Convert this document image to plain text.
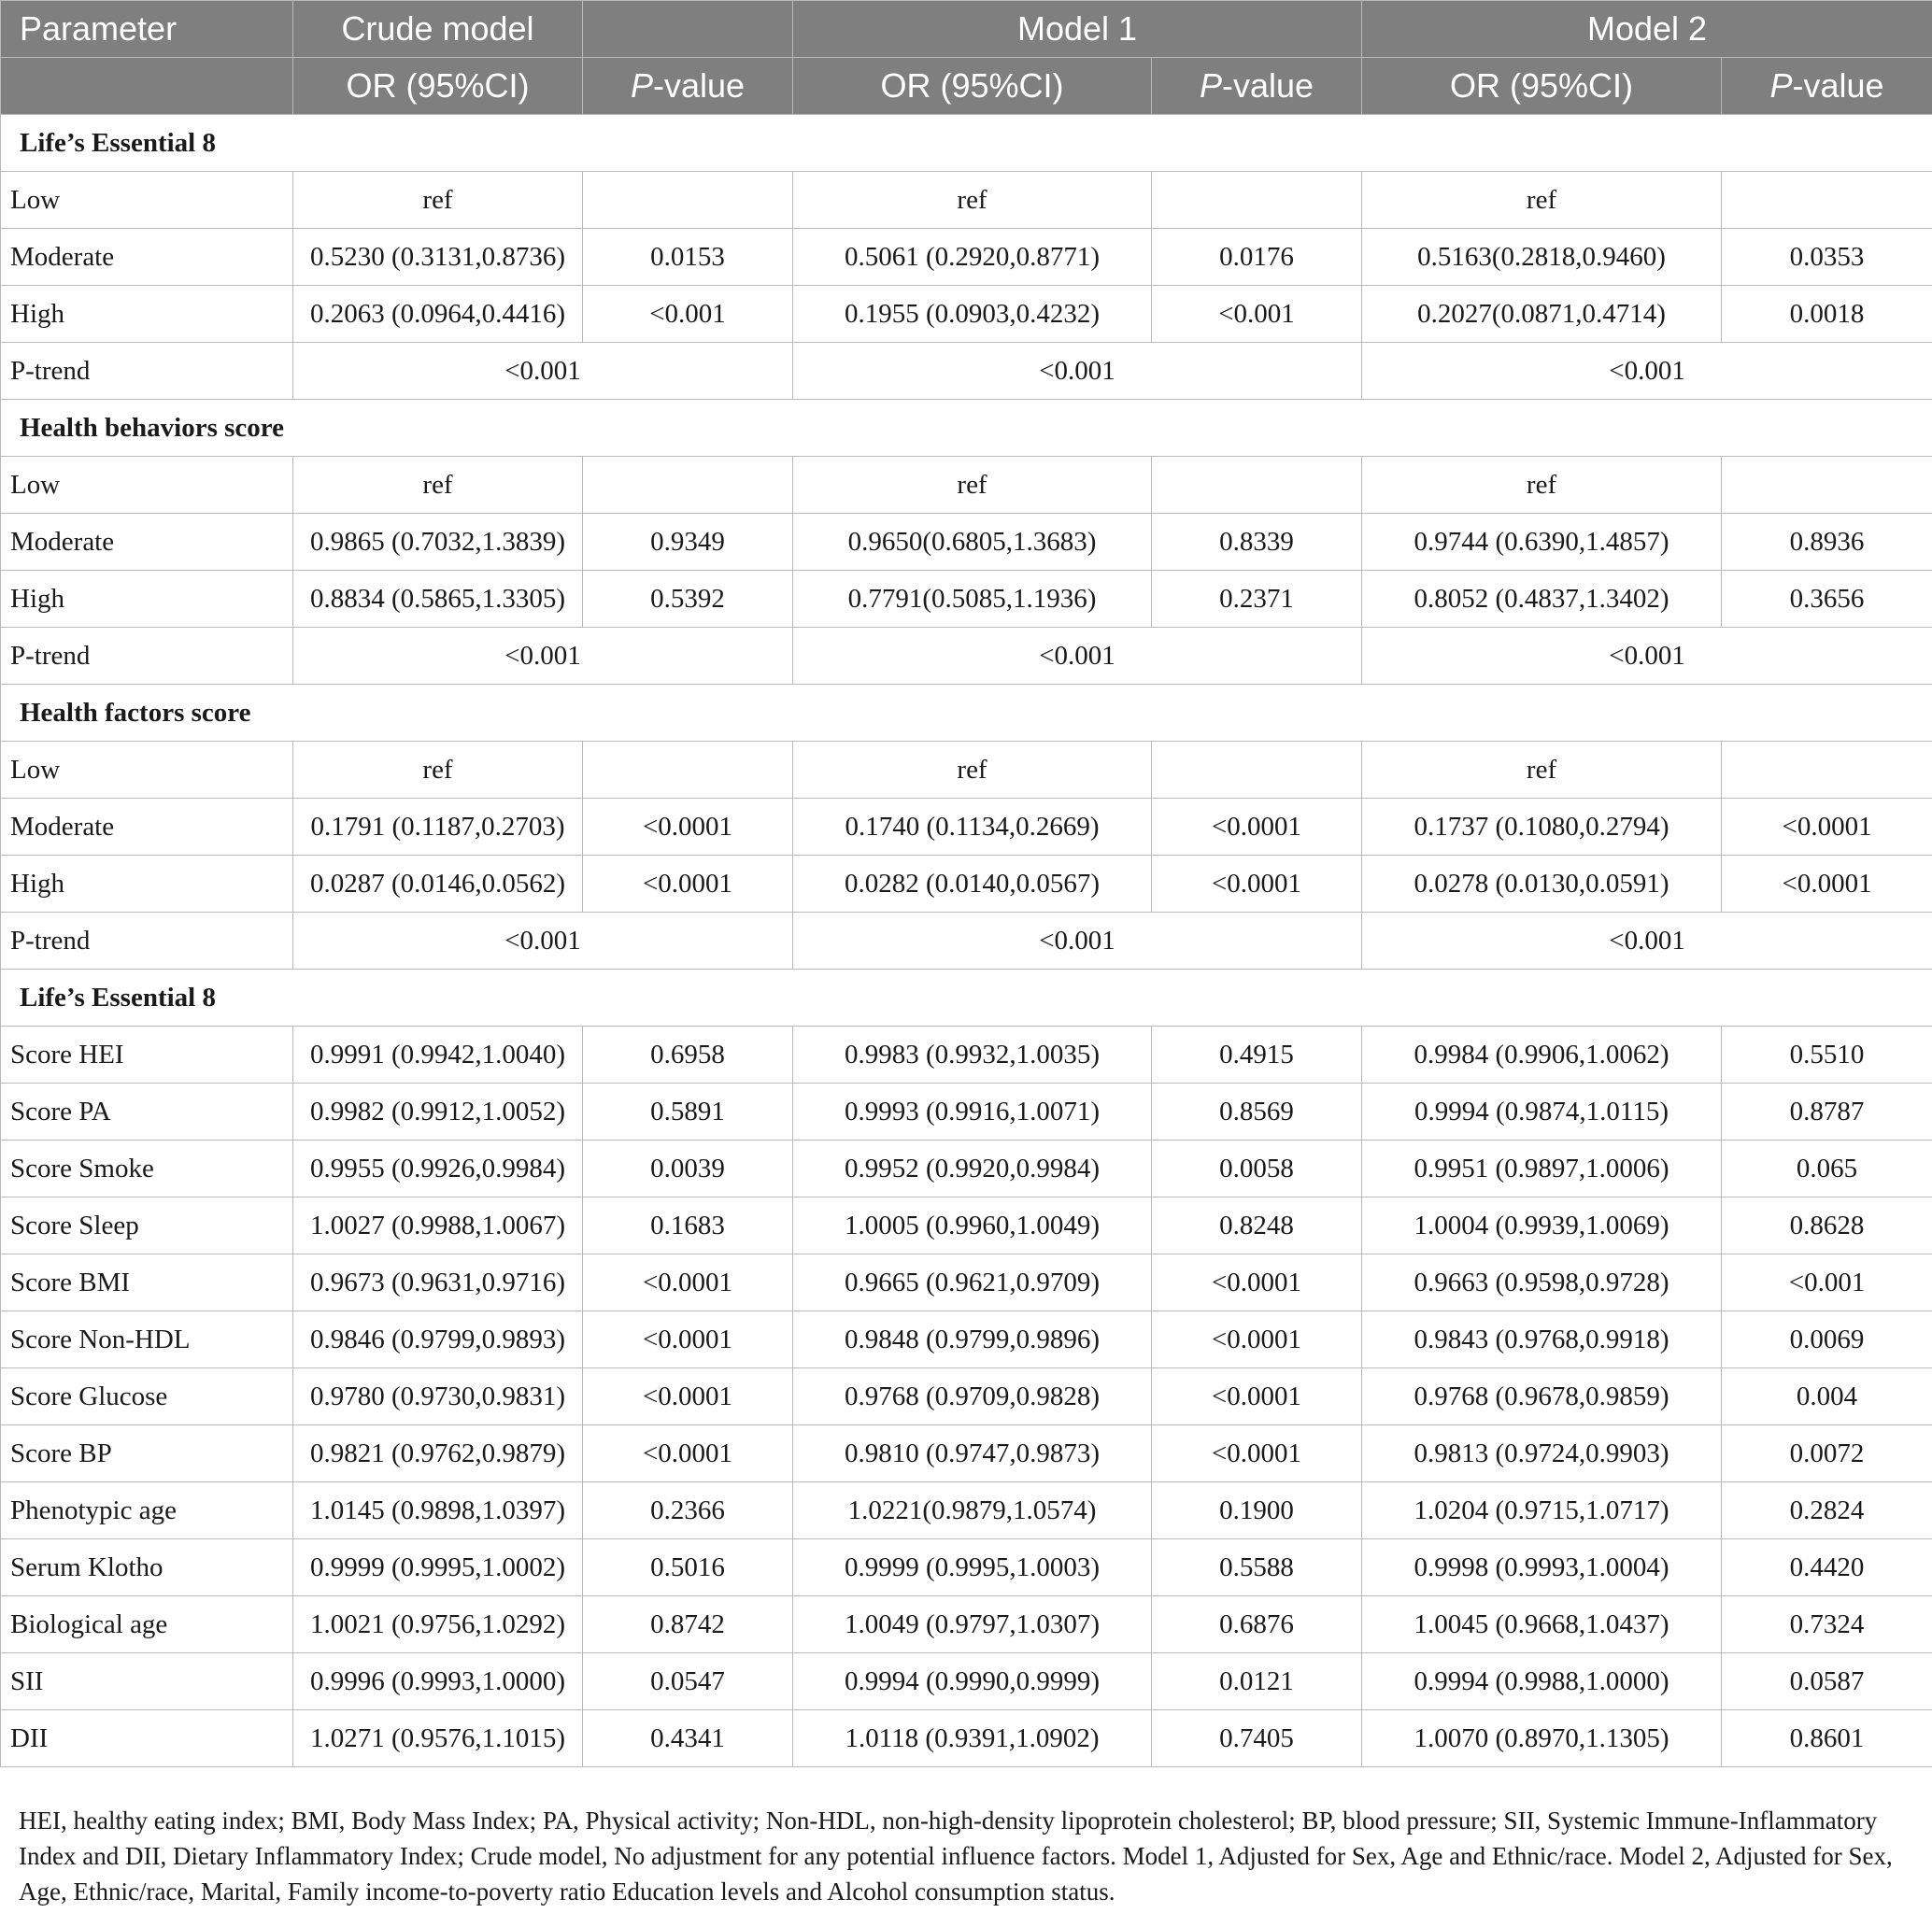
Parameter	Crude model		Model 1		Model 2	
	OR (95%CI)	P-value	OR (95%CI)	P-value	OR (95%CI)	P-value
Life’s Essential 8						
Low	ref		ref		ref	
Moderate	0.5230 (0.3131,0.8736)	0.0153	0.5061 (0.2920,0.8771)	0.0176	0.5163(0.2818,0.9460)	0.0353
High	0.2063 (0.0964,0.4416)	<0.001	0.1955 (0.0903,0.4232)	<0.001	0.2027(0.0871,0.4714)	0.0018
P-trend	<0.001		<0.001		<0.001	
Health behaviors score						
Low	ref		ref		ref	
Moderate	0.9865 (0.7032,1.3839)	0.9349	0.9650(0.6805,1.3683)	0.8339	0.9744 (0.6390,1.4857)	0.8936
High	0.8834 (0.5865,1.3305)	0.5392	0.7791(0.5085,1.1936)	0.2371	0.8052 (0.4837,1.3402)	0.3656
P-trend	<0.001		<0.001		<0.001	
Health factors score						
Low	ref		ref		ref	
Moderate	0.1791 (0.1187,0.2703)	<0.0001	0.1740 (0.1134,0.2669)	<0.0001	0.1737 (0.1080,0.2794)	<0.0001
High	0.0287 (0.0146,0.0562)	<0.0001	0.0282 (0.0140,0.0567)	<0.0001	0.0278 (0.0130,0.0591)	<0.0001
P-trend	<0.001		<0.001		<0.001	
Life’s Essential 8						
Score HEI	0.9991 (0.9942,1.0040)	0.6958	0.9983 (0.9932,1.0035)	0.4915	0.9984 (0.9906,1.0062)	0.5510
Score PA	0.9982 (0.9912,1.0052)	0.5891	0.9993 (0.9916,1.0071)	0.8569	0.9994 (0.9874,1.0115)	0.8787
Score Smoke	0.9955 (0.9926,0.9984)	0.0039	0.9952 (0.9920,0.9984)	0.0058	0.9951 (0.9897,1.0006)	0.065
Score Sleep	1.0027 (0.9988,1.0067)	0.1683	1.0005 (0.9960,1.0049)	0.8248	1.0004 (0.9939,1.0069)	0.8628
Score BMI	0.9673 (0.9631,0.9716)	<0.0001	0.9665 (0.9621,0.9709)	<0.0001	0.9663 (0.9598,0.9728)	<0.001
Score Non-HDL	0.9846 (0.9799,0.9893)	<0.0001	0.9848 (0.9799,0.9896)	<0.0001	0.9843 (0.9768,0.9918)	0.0069
Score Glucose	0.9780 (0.9730,0.9831)	<0.0001	0.9768 (0.9709,0.9828)	<0.0001	0.9768 (0.9678,0.9859)	0.004
Score BP	0.9821 (0.9762,0.9879)	<0.0001	0.9810 (0.9747,0.9873)	<0.0001	0.9813 (0.9724,0.9903)	0.0072
Phenotypic age	1.0145 (0.9898,1.0397)	0.2366	1.0221(0.9879,1.0574)	0.1900	1.0204 (0.9715,1.0717)	0.2824
Serum Klotho	0.9999 (0.9995,1.0002)	0.5016	0.9999 (0.9995,1.0003)	0.5588	0.9998 (0.9993,1.0004)	0.4420
Biological age	1.0021 (0.9756,1.0292)	0.8742	1.0049 (0.9797,1.0307)	0.6876	1.0045 (0.9668,1.0437)	0.7324
SII	0.9996 (0.9993,1.0000)	0.0547	0.9994 (0.9990,0.9999)	0.0121	0.9994 (0.9988,1.0000)	0.0587
DII	1.0271 (0.9576,1.1015)	0.4341	1.0118 (0.9391,1.0902)	0.7405	1.0070 (0.8970,1.1305)	0.8601
HEI, healthy eating index; BMI, Body Mass Index; PA, Physical activity; Non-HDL, non-high-density lipoprotein cholesterol; BP, blood pressure; SII, Systemic Immune-Inflammatory Index and DII, Dietary Inflammatory Index; Crude model, No adjustment for any potential influence factors. Model 1, Adjusted for Sex, Age and Ethnic/race. Model 2, Adjusted for Sex, Age, Ethnic/race, Marital, Family income-to-poverty ratio Education levels and Alcohol consumption status.
